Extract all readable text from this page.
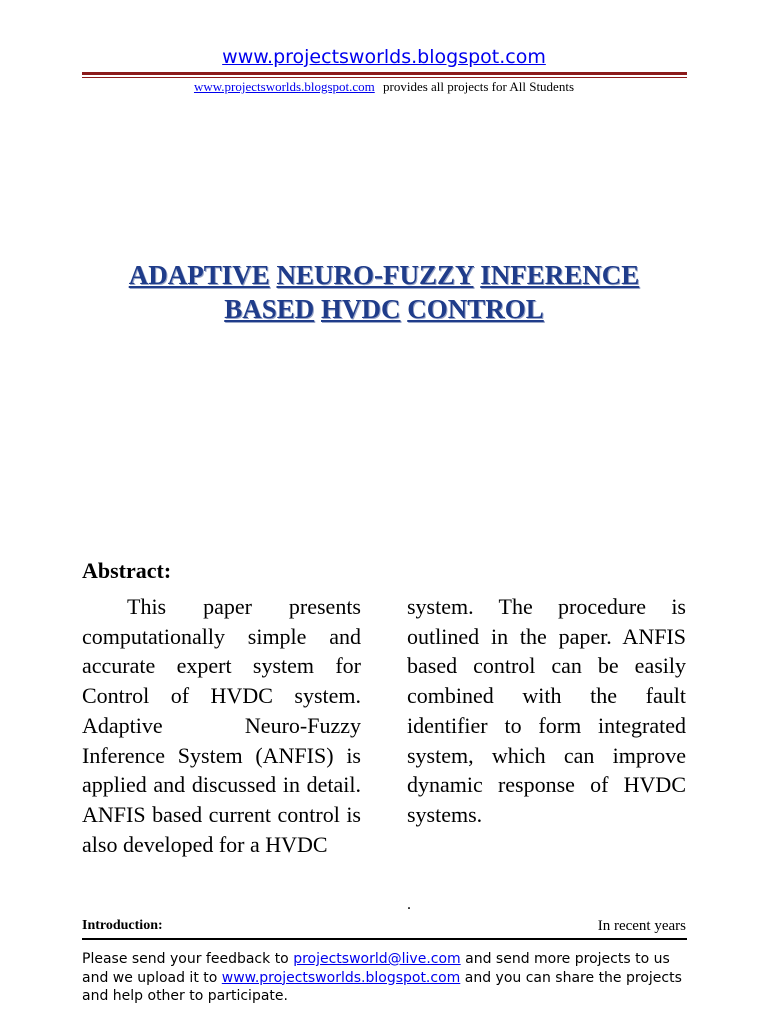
www.projectsworlds.blogspot.com
www.projectsworlds.blogspot.com provides all projects for All Students
ADAPTIVE NEURO-FUZZY INFERENCE
BASED HVDC CONTROL
Abstract:
This paper presents computationally simple and accurate expert system for Control of HVDC system. Adaptive Neuro-Fuzzy Inference System (ANFIS) is applied and discussed in detail. ANFIS based current control is also developed for a HVDC
system. The procedure is outlined in the paper. ANFIS based control can be easily combined with the fault identifier to form integrated system, which can improve dynamic response of HVDC systems.
.
Introduction:	In recent years
Please send your feedback to projectsworld@live.com and send more projects to us and we upload it to www.projectsworlds.blogspot.com and you can share the projects and help other to participate.
